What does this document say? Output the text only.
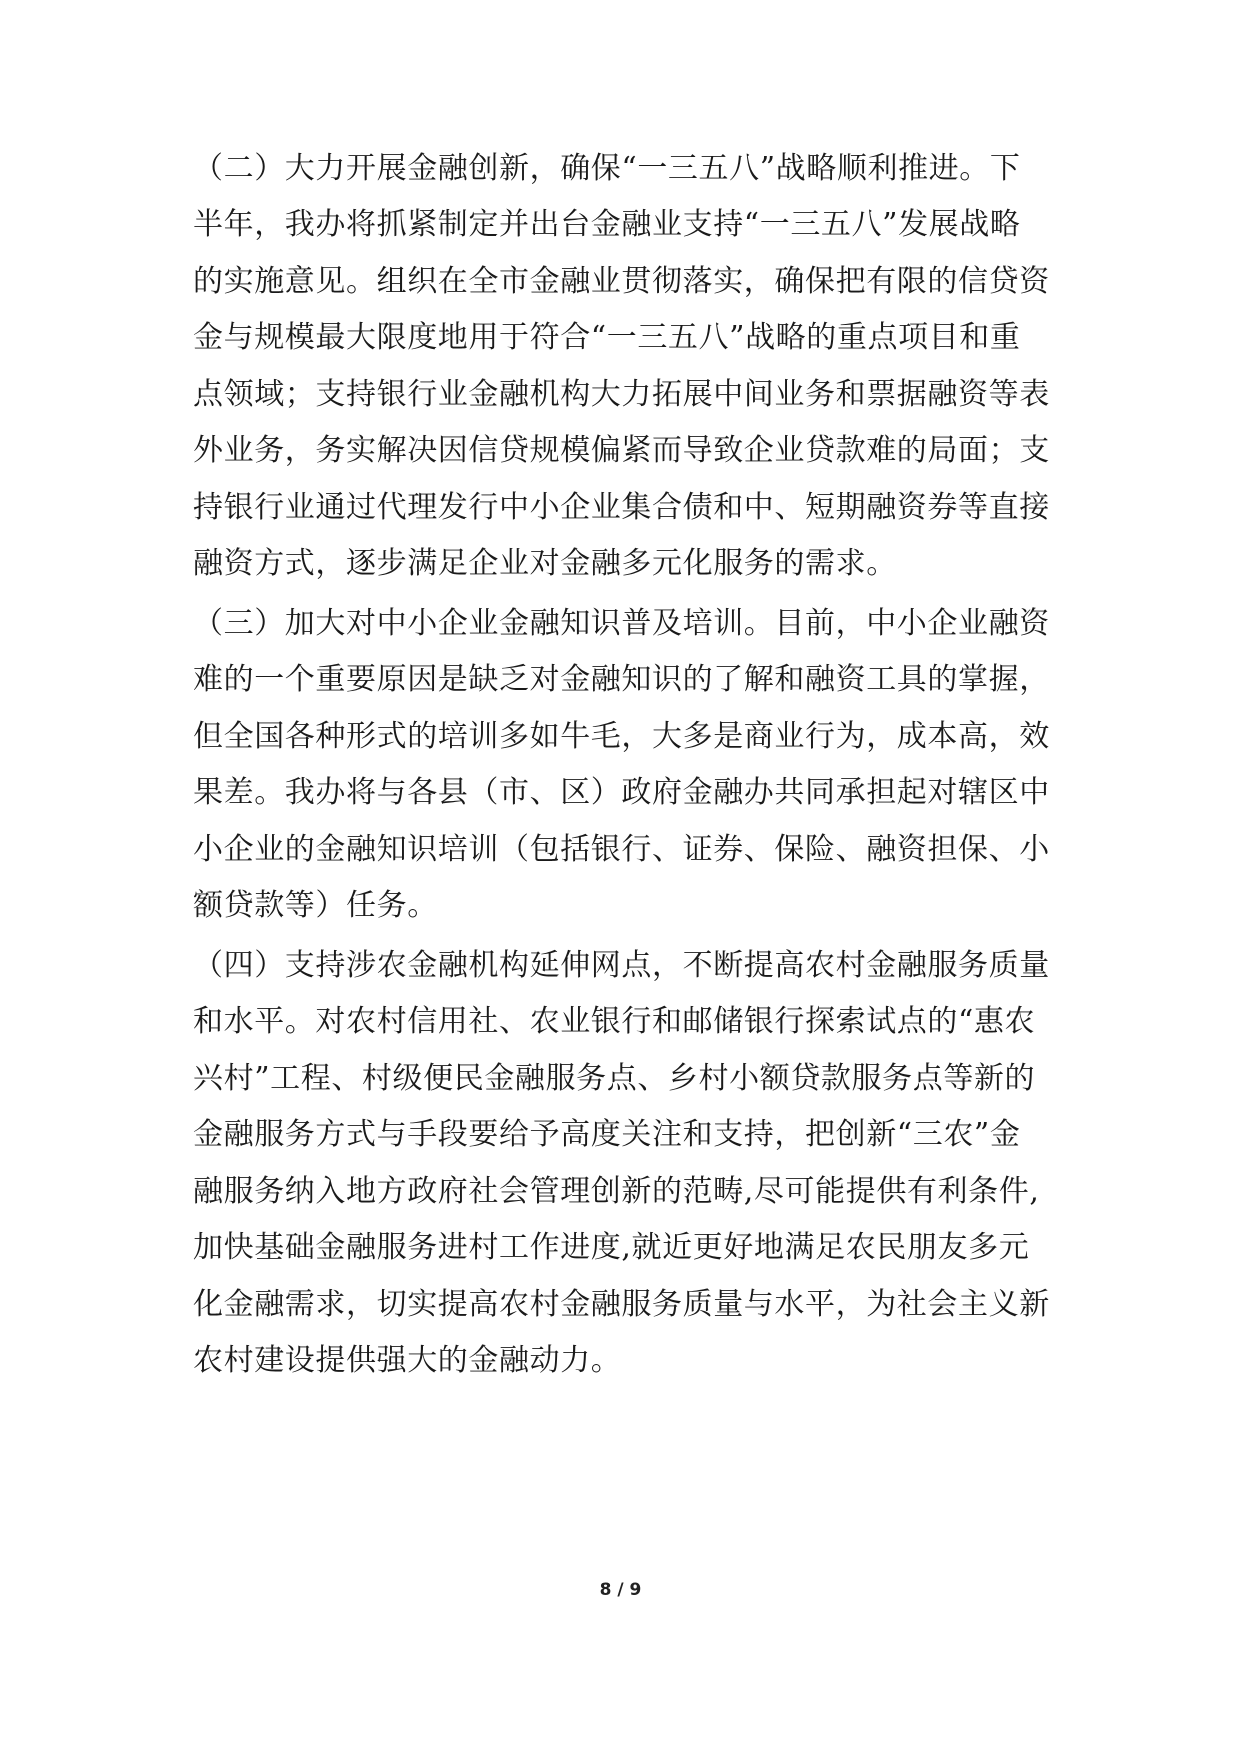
（二）大力开展金融创新，确保“一三五八”战略顺利推进。下
半年，我办将抓紧制定并出台金融业支持“一三五八”发展战略
的实施意见。组织在全市金融业贯彻落实，确保把有限的信贷资
金与规模最大限度地用于符合“一三五八”战略的重点项目和重
点领域；支持银行业金融机构大力拓展中间业务和票据融资等表
外业务，务实解决因信贷规模偏紧而导致企业贷款难的局面；支
持银行业通过代理发行中小企业集合债和中、短期融资券等直接
融资方式，逐步满足企业对金融多元化服务的需求。
（三）加大对中小企业金融知识普及培训。目前，中小企业融资
难的一个重要原因是缺乏对金融知识的了解和融资工具的掌握，
但全国各种形式的培训多如牛毛，大多是商业行为，成本高，效
果差。我办将与各县（市、区）政府金融办共同承担起对辖区中
小企业的金融知识培训（包括银行、证券、保险、融资担保、小
额贷款等）任务。
（四）支持涉农金融机构延伸网点，不断提高农村金融服务质量
和水平。对农村信用社、农业银行和邮储银行探索试点的“惠农
兴村”工程、村级便民金融服务点、乡村小额贷款服务点等新的
金融服务方式与手段要给予高度关注和支持，把创新“三农”金
融服务纳入地方政府社会管理创新的范畴,尽可能提供有利条件,
加快基础金融服务进村工作进度,就近更好地满足农民朋友多元
化金融需求，切实提高农村金融服务质量与水平，为社会主义新
农村建设提供强大的金融动力。
8 / 9
